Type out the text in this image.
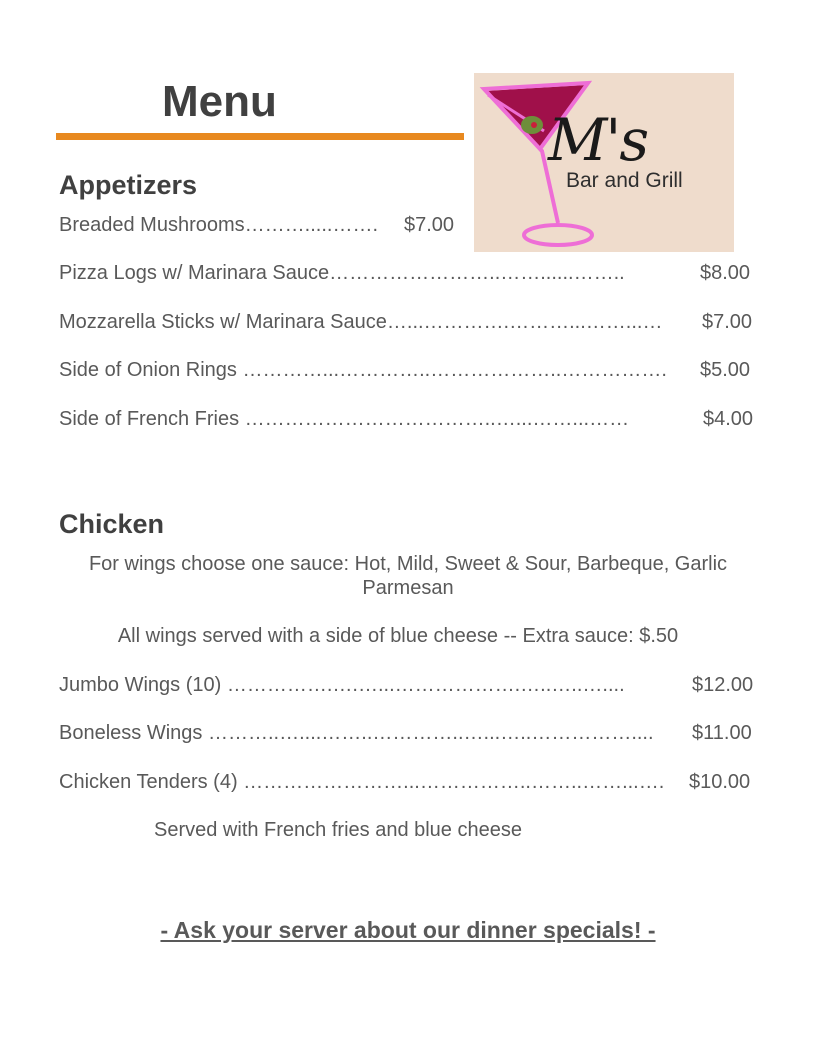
Menu
M's
Bar and Grill
Appetizers
Breaded Mushrooms……….....……. $7.00
Pizza Logs w/ Marinara Sauce……………………..……......……..	$8.00
Mozzarella Sticks w/ Marinara Sauce…...………….………...……...… $7.00
Side of Onion Rings …………...…………..………………..……………. $5.00
Side of French Fries ………………………………..…...……...……	$4.00
Chicken
For wings choose one sauce: Hot, Mild, Sweet & Sour, Barbeque, Garlic
Parmesan
All wings served with a side of blue cheese -- Extra sauce: $.50
Jumbo Wings (10) …………….….…...……………….…..…..…....	$12.00
Boneless Wings ………..…....……..…………..…...…..…………….... $11.00
Chicken Tenders (4) ……………………...……………..……..……...…. $10.00
Served with French fries and blue cheese
- Ask your server about our dinner specials! -
